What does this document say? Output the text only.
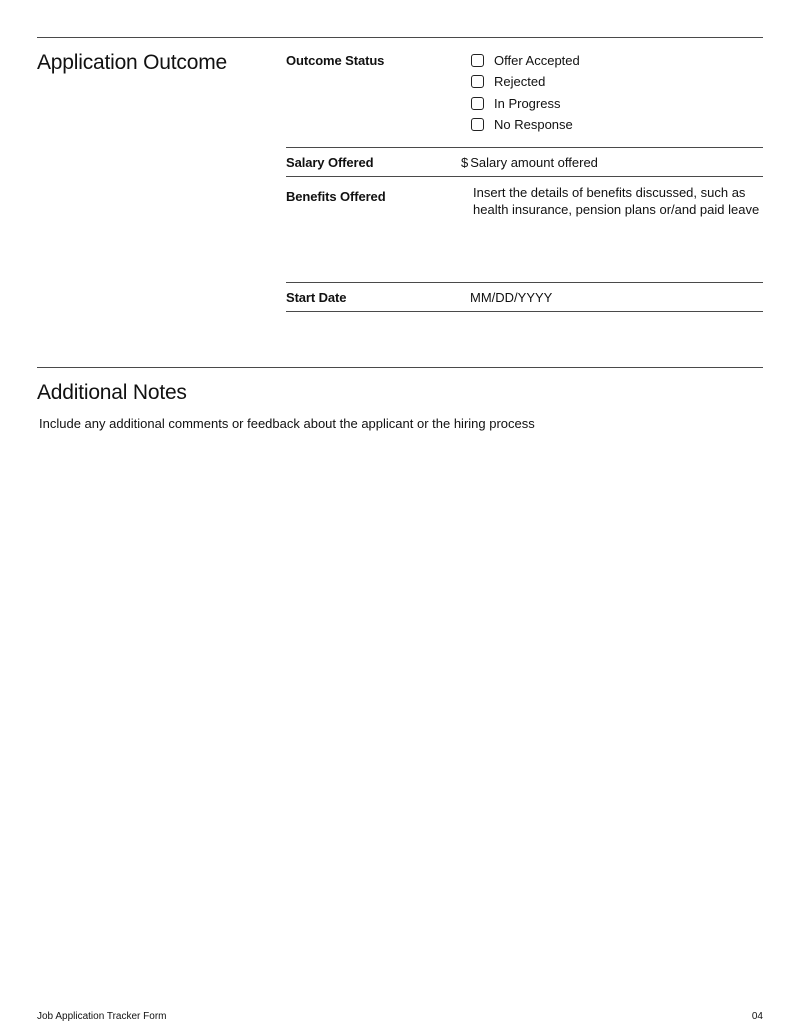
Application Outcome	Outcome Status	Offer Accepted
Rejected
In Progress
No Response
Salary Offered	$ Salary amount offered
Benefits Offered	Insert the details of benefits discussed, such as health insurance, pension plans or/and paid leave
Start Date	MM/DD/YYYY
Additional Notes
Include any additional comments or feedback about the applicant or the hiring process
Job Application Tracker Form	04
